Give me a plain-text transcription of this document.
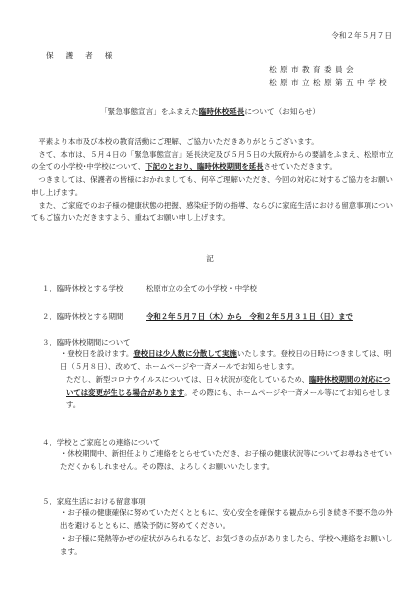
令和２年５月７日
保　護　者　様
松原市教育委員会
松原市立松原第五中学校
「緊急事態宣言」をふまえた臨時休校延長について（お知らせ）

平素より本市及び本校の教育活動にご理解、ご協力いただきありがとうございます。

さて、本市は、５月４日の「緊急事態宣言」延長決定及び５月５日の大阪府からの要請をふまえ、松原市立の全ての小学校･中学校について、下記のとおり、臨時休校期間を延長させていただきます。

つきましては、保護者の皆様におかれましても、何卒ご理解いただき、今回の対応に対するご協力をお願い申し上げます。

また、ご家庭でのお子様の健康状態の把握、感染症予防の指導、ならびに家庭生活における留意事項についてもご協力いただきますよう、重ねてお願い申し上げます。

記
１．臨時休校とする学校	松原市立の全ての小学校・中学校
２．臨時休校とする期間	令和２年５月７日（木）から　令和２年５月３１日（日）まで
３．臨時休校期間について
・登校日を設けます。登校日は少人数に分散して実施いたします。登校日の日時につきましては、明日（５月８日）、改めて、ホームページや一斉メールでお知らせします。
ただし、新型コロナウイルスについては、日々状況が変化しているため、臨時休校期間の対応については変更が生じる場合があります。その際にも、ホームページや一斉メール等にてお知らせします。
４．学校とご家庭との連絡について
・休校期間中、新担任よりご連絡をとらせていただき、お子様の健康状況等についてお尋ねさせていただくかもしれません。その際は、よろしくお願いいたします。
５．家庭生活における留意事項
・お子様の健康確保に努めていただくとともに、安心安全を確保する観点から引き続き不要不急の外出を避けるとともに、感染予防に努めてください。
・お子様に発熱等かぜの症状がみられるなど、お気づきの点がありましたら、学校へ連絡をお願いします。
